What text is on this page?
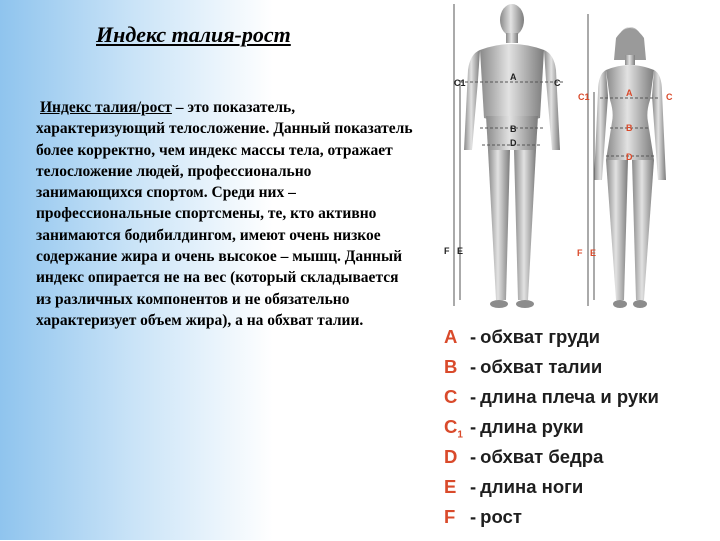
Индекс талия-рост
Индекс талия/рост – это показатель, характеризующий телосложение. Данный показатель более корректно, чем индекс массы тела, отражает телосложение людей, профессионально занимающихся спортом. Среди них – профессиональные спортсмены, те, кто активно занимаются бодибилдингом, имеют очень низкое содержание жира и очень высокое – мышц. Данный индекс опирается не на вес (который складывается из различных компонентов и не обязательно характеризует объем жира), а на обхват талии.
A
B
D
C
C1
F E
A
B
D
C
C1
F E
A - обхват груди
B - обхват талии
C - длина плеча и руки
$C_1$ - длина руки
D - обхват бедра
E - длина ноги
F - рост
